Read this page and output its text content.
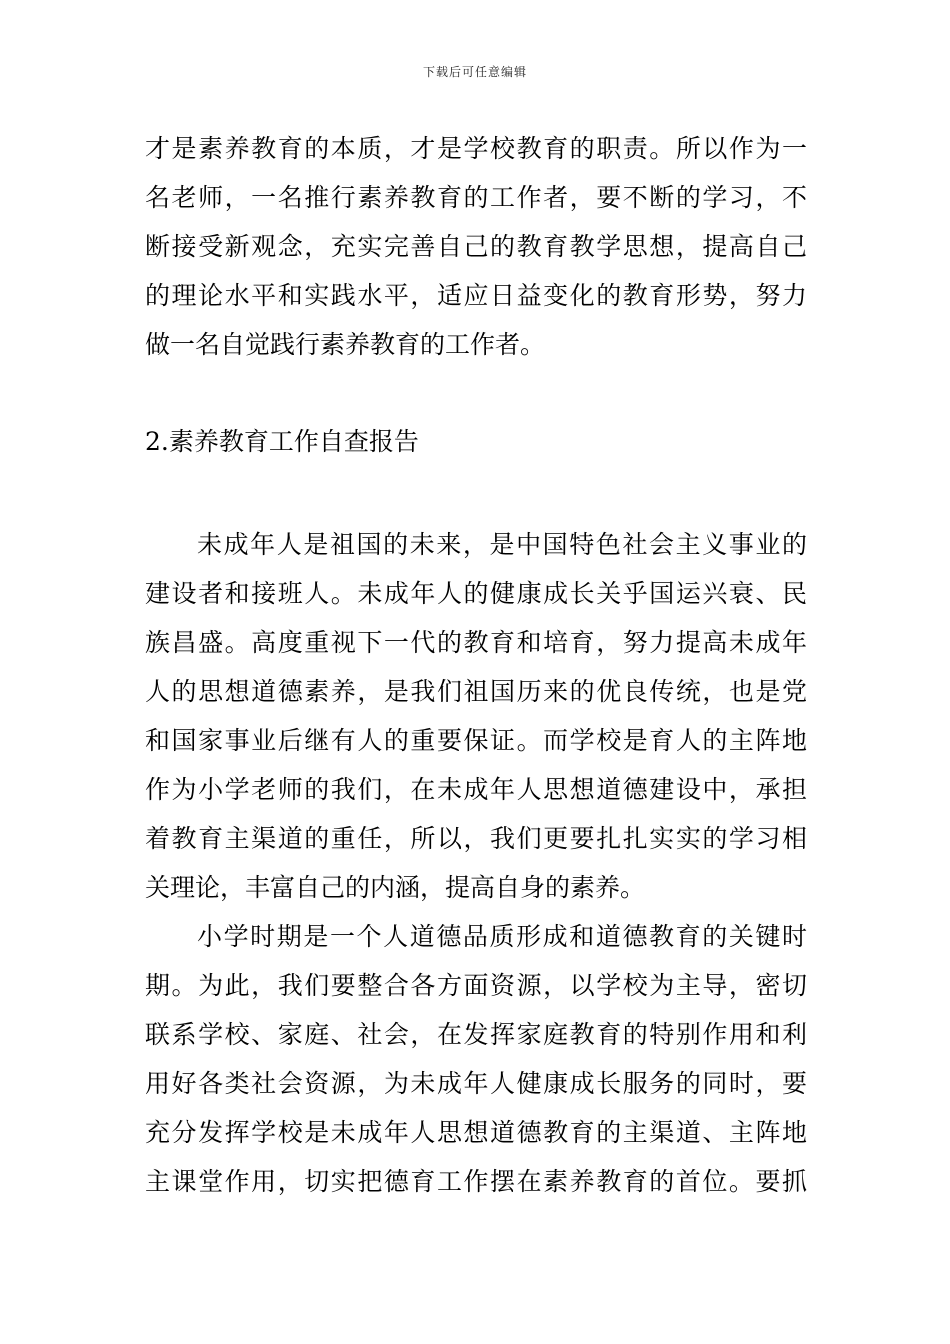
下载后可任意编辑
才是素养教育的本质，才是学校教育的职责。所以作为一
名老师，一名推行素养教育的工作者，要不断的学习，不
断接受新观念，充实完善自己的教育教学思想，提高自己
的理论水平和实践水平，适应日益变化的教育形势，努力
做一名自觉践行素养教育的工作者。
2.素养教育工作自查报告
未成年人是祖国的未来，是中国特色社会主义事业的
建设者和接班人。未成年人的健康成长关乎国运兴衰、民
族昌盛。高度重视下一代的教育和培育，努力提高未成年
人的思想道德素养，是我们祖国历来的优良传统，也是党
和国家事业后继有人的重要保证。而学校是育人的主阵地
作为小学老师的我们，在未成年人思想道德建设中，承担
着教育主渠道的重任，所以，我们更要扎扎实实的学习相
关理论，丰富自己的内涵，提高自身的素养。
小学时期是一个人道德品质形成和道德教育的关键时
期。为此，我们要整合各方面资源，以学校为主导，密切
联系学校、家庭、社会，在发挥家庭教育的特别作用和利
用好各类社会资源，为未成年人健康成长服务的同时，要
充分发挥学校是未成年人思想道德教育的主渠道、主阵地
主课堂作用，切实把德育工作摆在素养教育的首位。要抓
